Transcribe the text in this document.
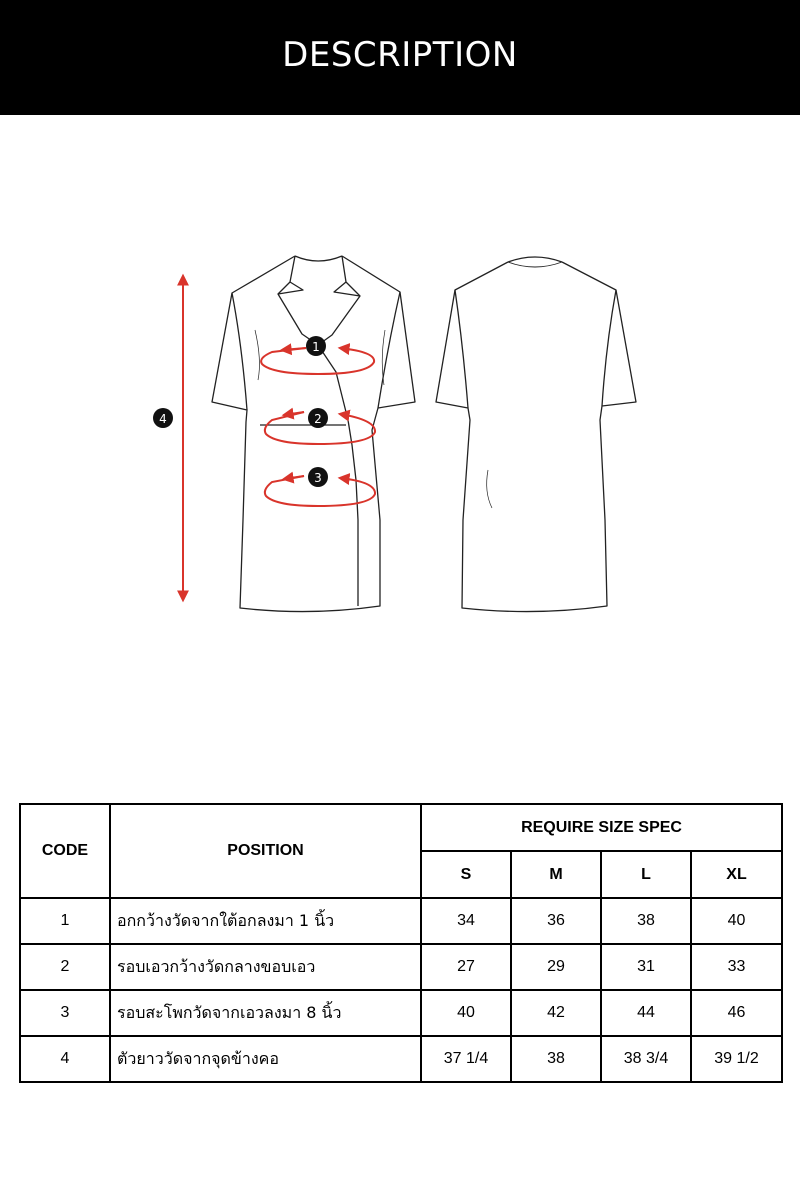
DESCRIPTION
1
2
3
4
CODE	POSITION	REQUIRE SIZE SPEC			
		S	M	L	XL
1	อกกว้างวัดจากใต้อกลงมา 1 นิ้ว	34	36	38	40
2	รอบเอวกว้างวัดกลางขอบเอว	27	29	31	33
3	รอบสะโพกวัดจากเอวลงมา 8 นิ้ว	40	42	44	46
4	ตัวยาววัดจากจุดข้างคอ	37 1/4	38	38 3/4	39 1/2
